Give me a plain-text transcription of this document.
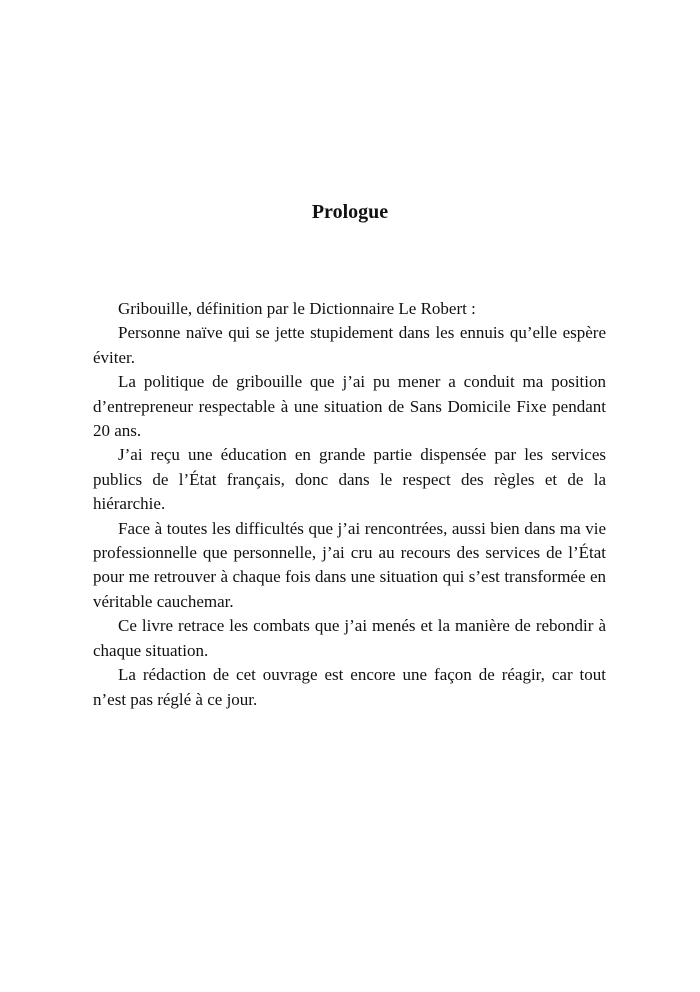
Prologue

Gribouille, définition par le Dictionnaire Le Robert :

Personne naïve qui se jette stupidement dans les ennuis qu’elle espère éviter.

La politique de gribouille que j’ai pu mener a conduit ma position d’entrepreneur respectable à une situation de Sans Domicile Fixe pendant 20 ans.

J’ai reçu une éducation en grande partie dispensée par les services publics de l’État français, donc dans le respect des règles et de la hiérarchie.

Face à toutes les difficultés que j’ai rencontrées, aussi bien dans ma vie professionnelle que personnelle, j’ai cru au recours des services de l’État pour me retrouver à chaque fois dans une situation qui s’est transformée en véritable cauchemar.

Ce livre retrace les combats que j’ai menés et la manière de rebondir à chaque situation.

La rédaction de cet ouvrage est encore une façon de réagir, car tout n’est pas réglé à ce jour.
